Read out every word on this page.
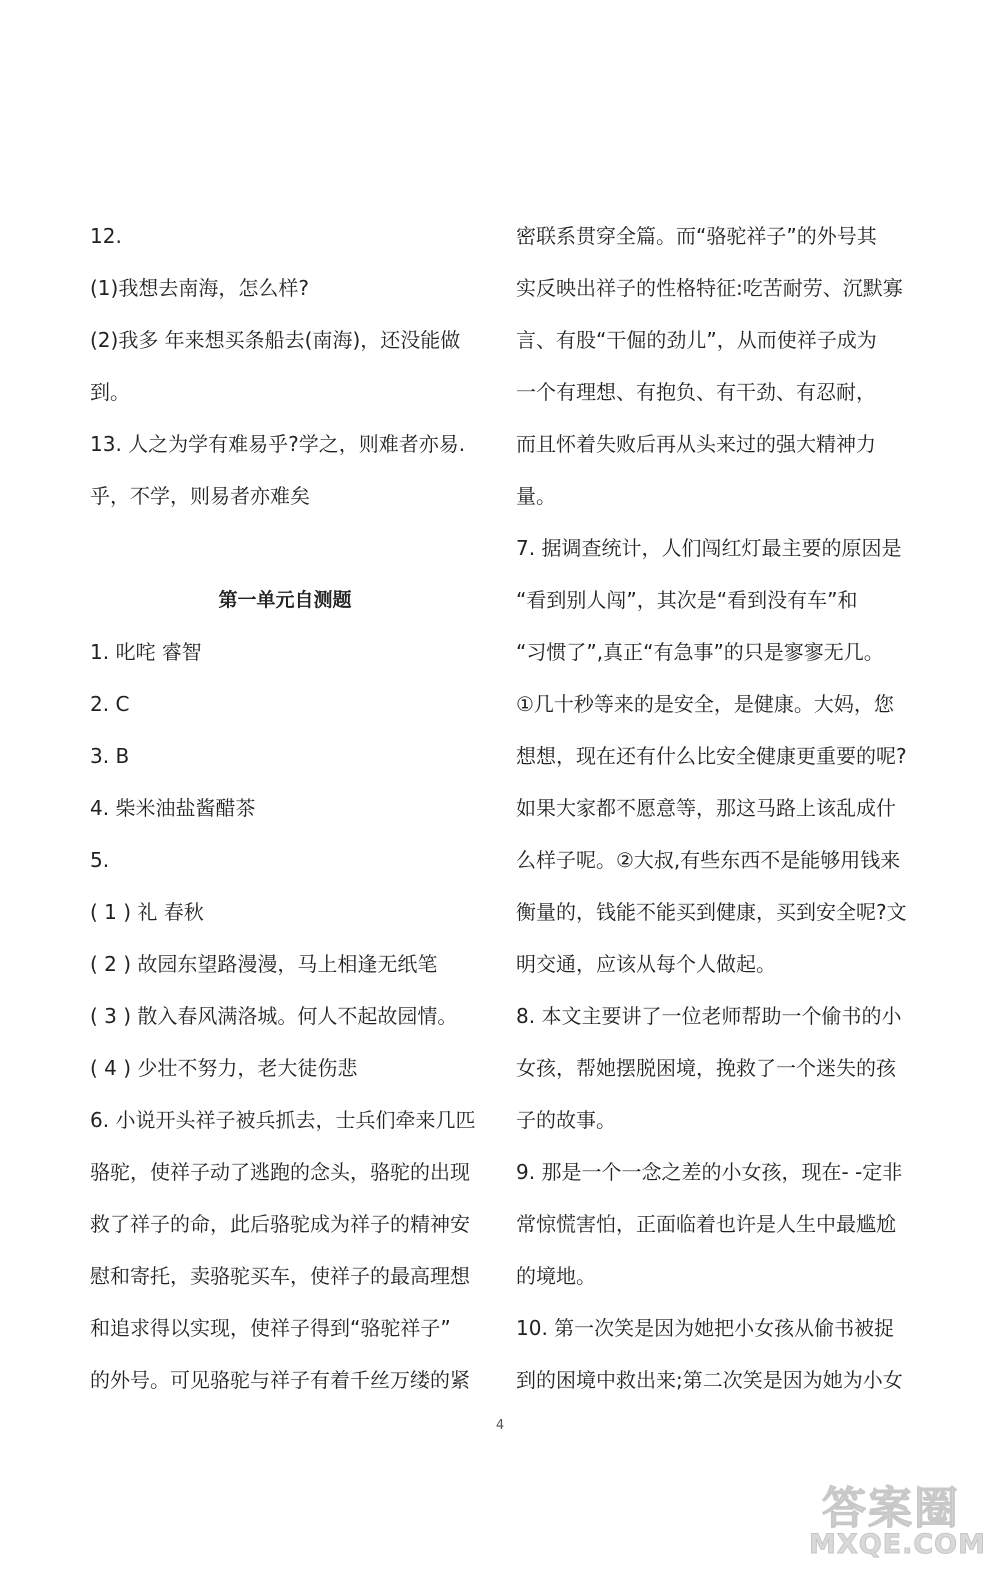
12.
(1)我想去南海，怎么样?
(2)我多 年来想买条船去(南海)，还没能做
到。
13. 人之为学有难易乎?学之，则难者亦易.
乎，不学，则易者亦难矣
第一单元自测题
1. 叱咤 睿智
2. C
3. B
4. 柴米油盐酱醋茶
5.
( 1 ) 礼 春秋
( 2 ) 故园东望路漫漫，马上相逢无纸笔
( 3 ) 散入春风满洛城。何人不起故园情。
( 4 ) 少壮不努力，老大徒伤悲
6. 小说开头祥子被兵抓去，士兵们牵来几匹
骆驼，使祥子动了逃跑的念头，骆驼的出现
救了祥子的命，此后骆驼成为祥子的精神安
慰和寄托，卖骆驼买车，使祥子的最高理想
和追求得以实现，使祥子得到“骆驼祥子”
的外号。可见骆驼与祥子有着千丝万缕的紧
密联系贯穿全篇。而“骆驼祥子”的外号其
实反映出祥子的性格特征:吃苦耐劳、沉默寡
言、有股“干倔的劲儿”，从而使祥子成为
一个有理想、有抱负、有干劲、有忍耐，
而且怀着失败后再从头来过的强大精神力
量。
7. 据调查统计，人们闯红灯最主要的原因是
“看到别人闯”，其次是“看到没有车”和
“习惯了”,真正“有急事”的只是寥寥无几。
①几十秒等来的是安全，是健康。大妈，您
想想，现在还有什么比安全健康更重要的呢?
如果大家都不愿意等，那这马路上该乱成什
么样子呢。②大叔,有些东西不是能够用钱来
衡量的，钱能不能买到健康，买到安全呢?文
明交通，应该从每个人做起。
8. 本文主要讲了一位老师帮助一个偷书的小
女孩，帮她摆脱困境，挽救了一个迷失的孩
子的故事。
9. 那是一个一念之差的小女孩，现在- -定非
常惊慌害怕，正面临着也许是人生中最尴尬
的境地。
10. 第一次笑是因为她把小女孩从偷书被捉
到的困境中救出来;第二次笑是因为她为小女
4
答案圈
MXQE.COM
